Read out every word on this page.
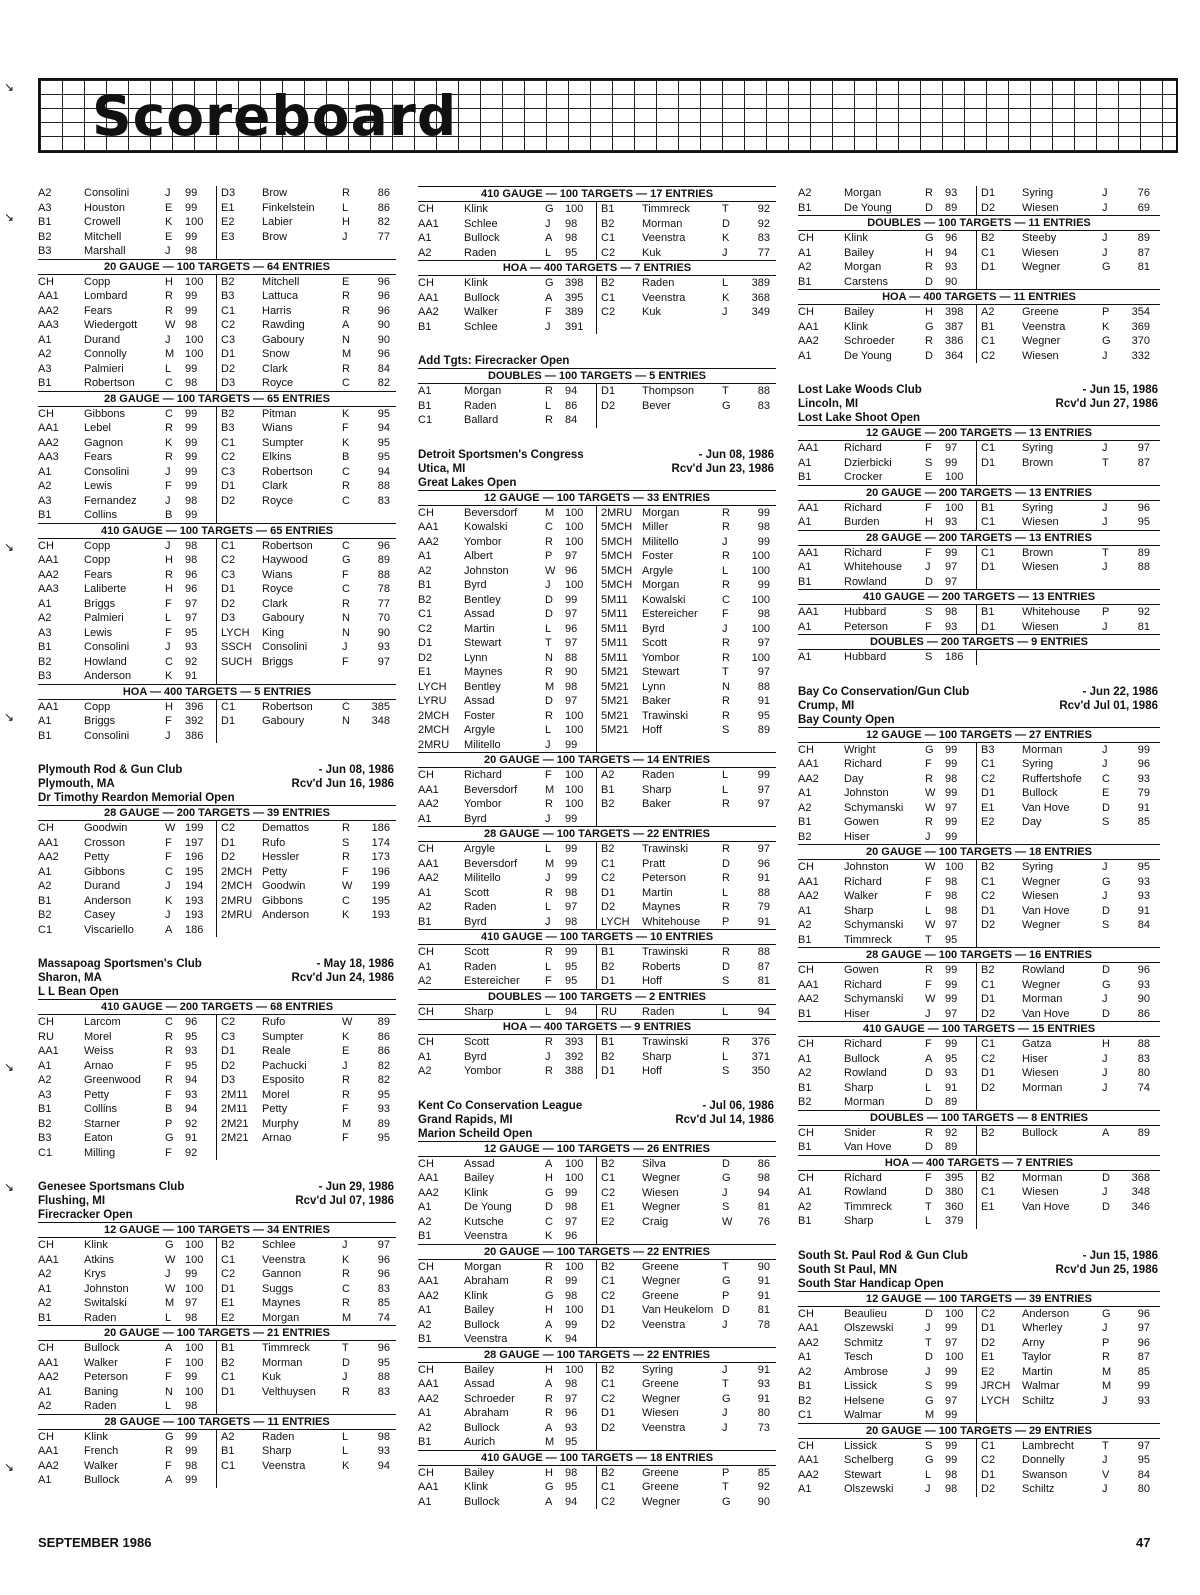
Scoreboard
A2	Consolini	J	99	D3	Brow	R	86
A3	Houston	E	99	E1	Finkelstein	L	86
B1	Crowell	K	100	E2	Labier	H	82
B2	Mitchell	E	99	E3	Brow	J	77
B3	Marshall	J	98
20 GAUGE — 100 TARGETS — 64 ENTRIES
CH	Copp	H	100	B2	Mitchell	E	96
AA1	Lombard	R	99	B3	Lattuca	R	96
AA2	Fears	R	99	C1	Harris	R	96
AA3	Wiedergott	W 98	C2	Rawding	A	90
A1	Durand	J	100	C3	Gaboury	N	90
A2	Connolly	M 100	D1	Snow	M	96
A3	Palmieri	L	99	D2	Clark	R	84
B1	Robertson	C	98	D3	Royce	C	82
28 GAUGE — 100 TARGETS — 65 ENTRIES
CH	Gibbons	C	99	B2	Pitman	K	95
AA1	Lebel	R	99	B3	Wians	F	94
AA2	Gagnon	K	99	C1	Sumpter	K	95
AA3	Fears	R	99	C2	Elkins	B	95
A1	Consolini	J	99	C3	Robertson	C	94
A2	Lewis	F	99	D1	Clark	R	88
A3	Fernandez	J	98	D2	Royce	C	83
B1	Collins	B	99
410 GAUGE — 100 TARGETS — 65 ENTRIES
CH	Copp	J	98	C1	Robertson	C	96
AA1	Copp	H	98	C2	Haywood	G	89
AA2	Fears	R	96	C3	Wians	F	88
AA3	Laliberte	H	96	D1	Royce	C	78
A1	Briggs	F	97	D2	Clark	R	77
A2	Palmieri	L	97	D3	Gaboury	N	70
A3	Lewis	F	95	LYCH	King	N	90
B1	Consolini	J	93	SSCH Consolini	J	93
B2	Howland	C	92	SUCH Briggs	F	97
B3	Anderson	K	91
HOA — 400 TARGETS — 5 ENTRIES
AA1	Copp	H	396	C1	Robertson	C	385
A1	Briggs	F	392	D1	Gaboury	N	348
B1	Consolini	J	386
Plymouth Rod & Gun Club	- Jun 08, 1986
Plymouth, MA	Rcv'd Jun 16, 1986
Dr Timothy Reardon Memorial Open
28 GAUGE — 200 TARGETS — 39 ENTRIES
CH	Goodwin	W 199	C2	Demattos	R	186
AA1	Crosson	F	197	D1	Rufo	S	174
AA2	Petty	F	196	D2	Hessler	R	173
A1	Gibbons	C	195	2MCH Petty	F	196
A2	Durand	J	194	2MCH Goodwin	W	199
B1	Anderson	K	193	2MRU Gibbons	C	195
B2	Casey	J	193	2MRU Anderson	K	193
C1	Viscariello	A	186
Massapoag Sportsmen's Club	- May 18, 1986
Sharon, MA	Rcv'd Jun 24, 1986
L L Bean Open
410 GAUGE — 200 TARGETS — 68 ENTRIES
CH	Larcom	C	96	C2	Rufo	W	89
RU	Morel	R	95	C3	Sumpter	K	86
AA1	Weiss	R	93	D1	Reale	E	86
A1	Arnao	F	95	D2	Pachucki	J	82
A2	Greenwood	R	94	D3	Esposito	R	82
A3	Petty	F	93	2M11	Morel	R	95
B1	Collins	B	94	2M11	Petty	F	93
B2	Starner	P	92	2M21	Murphy	M	89
B3	Eaton	G	91	2M21	Arnao	F	95
C1	Milling	F	92
Genesee Sportsmans Club	- Jun 29, 1986
Flushing, MI	Rcv'd Jul 07, 1986
Firecracker Open
12 GAUGE — 100 TARGETS — 34 ENTRIES
CH	Klink	G	100	B2	Schlee	J	97
AA1	Atkins	W 100	C1	Veenstra	K	96
A2	Krys	J	99	C2	Gannon	R	96
A1	Johnston	W 100	D1	Suggs	C	83
A2	Switalski	M 97	E1	Maynes	R	85
B1	Raden	L	98	E2	Morgan	M	74
20 GAUGE — 100 TARGETS — 21 ENTRIES
CH	Bullock	A	100	B1	Timmreck	T	96
AA1	Walker	F	100	B2	Morman	D	95
AA2	Peterson	F	99	C1	Kuk	J	88
A1	Baning	N	100	D1	Velthuysen	R	83
A2	Raden	L	98
28 GAUGE — 100 TARGETS — 11 ENTRIES
CH	Klink	G	99	A2	Raden	L	98
AA1	French	R	99	B1	Sharp	L	93
AA2	Walker	F	98	C1	Veenstra	K	94
A1	Bullock	A	99
410 GAUGE — 100 TARGETS — 17 ENTRIES
CH	Klink	G	100	B1	Timmreck	T	92
AA1	Schlee	J	98	B2	Morman	D	92
A1	Bullock	A	98	C1	Veenstra	K	83
A2	Raden	L	95	C2	Kuk	J	77
HOA — 400 TARGETS — 7 ENTRIES
CH	Klink	G	398	B2	Raden	L	389
AA1	Bullock	A	395	C1	Veenstra	K	368
AA2	Walker	F	389	C2	Kuk	J	349
B1	Schlee	J	391
Add Tgts: Firecracker Open
DOUBLES — 100 TARGETS — 5 ENTRIES
A1	Morgan	R	94	D1	Thompson	T	88
B1	Raden	L	86	D2	Bever	G	83
C1	Ballard	R	84
Detroit Sportsmen's Congress	- Jun 08, 1986
Utica, MI	Rcv'd Jun 23, 1986
Great Lakes Open
12 GAUGE — 100 TARGETS — 33 ENTRIES
CH	Beversdorf	M 100	2MRU Morgan	R	99
AA1	Kowalski	C	100	5MCH Miller	R	98
AA2	Yombor	R	100	5MCH Militello	J	99
A1	Albert	P	97	5MCH Foster	R	100
A2	Johnston	W 96	5MCH Argyle	L	100
B1	Byrd	J	100	5MCH Morgan	R	99
B2	Bentley	D	99	5M11	Kowalski	C	100
C1	Assad	D	97	5M11	Estereicher	F	98
C2	Martin	L	96	5M11	Byrd	J	100
D1	Stewart	T	97	5M11	Scott	R	97
D2	Lynn	N	88	5M11	Yombor	R	100
E1	Maynes	R	90	5M21	Stewart	T	97
LYCH	Bentley	M 98	5M21	Lynn	N	88
LYRU	Assad	D	97	5M21	Baker	R	91
2MCH	Foster	R	100	5M21	Trawinski	R	95
2MCH	Argyle	L	100	5M21	Hoff	S	89
2MRU	Militello	J	99
20 GAUGE — 100 TARGETS — 14 ENTRIES
CH	Richard	F	100	A2	Raden	L	99
AA1	Beversdorf	M 100	B1	Sharp	L	97
AA2	Yombor	R	100	B2	Baker	R	97
A1	Byrd	J	99
28 GAUGE — 100 TARGETS — 22 ENTRIES
CH	Argyle	L	99	B2	Trawinski	R	97
AA1	Beversdorf	M 99	C1	Pratt	D	96
AA2	Militello	J	99	C2	Peterson	R	91
A1	Scott	R	98	D1	Martin	L	88
A2	Raden	L	97	D2	Maynes	R	79
B1	Byrd	J	98	LYCH	Whitehouse	P	91
410 GAUGE — 100 TARGETS — 10 ENTRIES
CH	Scott	R	99	B1	Trawinski	R	88
A1	Raden	L	95	B2	Roberts	D	87
A2	Estereicher	F	95	D1	Hoff	S	81
DOUBLES — 100 TARGETS — 2 ENTRIES
CH	Sharp	L	94	RU	Raden	L	94
HOA — 400 TARGETS — 9 ENTRIES
CH	Scott	R	393	B1	Trawinski	R	376
A1	Byrd	J	392	B2	Sharp	L	371
A2	Yombor	R	388	D1	Hoff	S	350
Kent Co Conservation League	- Jul 06, 1986
Grand Rapids, MI	Rcv'd Jul 14, 1986
Marion Scheild Open
12 GAUGE — 100 TARGETS — 26 ENTRIES
CH	Assad	A	100	B2	Silva	D	86
AA1	Bailey	H	100	C1	Wegner	G	98
AA2	Klink	G	99	C2	Wiesen	J	94
A1	De Young	D	98	E1	Wegner	S	81
A2	Kutsche	C	97	E2	Craig	W	76
B1	Veenstra	K	96
20 GAUGE — 100 TARGETS — 22 ENTRIES
CH	Morgan	R	100	B2	Greene	T	90
AA1	Abraham	R	99	C1	Wegner	G	91
AA2	Klink	G	98	C2	Greene	P	91
A1	Bailey	H	100	D1	Van Heukelom D	81
A2	Bullock	A	99	D2	Veenstra	J	78
B1	Veenstra	K	94
28 GAUGE — 100 TARGETS — 22 ENTRIES
CH	Bailey	H	100	B2	Syring	J	91
AA1	Assad	A	98	C1	Greene	T	93
AA2	Schroeder	R	97	C2	Wegner	G	91
A1	Abraham	R	96	D1	Wiesen	J	80
A2	Bullock	A	93	D2	Veenstra	J	73
B1	Aurich	M 95
410 GAUGE — 100 TARGETS — 18 ENTRIES
CH	Bailey	H	98	B2	Greene	P	85
AA1	Klink	G	95	C1	Greene	T	92
A1	Bullock	A	94	C2	Wegner	G	90
A2	Morgan	R	93	D1	Syring	J	76
B1	De Young	D	89	D2	Wiesen	J	69
DOUBLES — 100 TARGETS — 11 ENTRIES
CH	Klink	G	96	B2	Steeby	J	89
A1	Bailey	H	94	C1	Wiesen	J	87
A2	Morgan	R	93	D1	Wegner	G	81
B1	Carstens	D	90
HOA — 400 TARGETS — 11 ENTRIES
CH	Bailey	H	398	A2	Greene	P	354
AA1	Klink	G	387	B1	Veenstra	K	369
AA2	Schroeder	R	386	C1	Wegner	G	370
A1	De Young	D	364	C2	Wiesen	J	332
Lost Lake Woods Club	- Jun 15, 1986
Lincoln, MI	Rcv'd Jun 27, 1986
Lost Lake Shoot Open
12 GAUGE — 200 TARGETS — 13 ENTRIES
AA1	Richard	F	97	C1	Syring	J	97
A1	Dzierbicki	S	99	D1	Brown	T	87
B1	Crocker	E	100
20 GAUGE — 200 TARGETS — 13 ENTRIES
AA1	Richard	F	100	B1	Syring	J	96
A1	Burden	H	93	C1	Wiesen	J	95
28 GAUGE — 200 TARGETS — 13 ENTRIES
AA1	Richard	F	99	C1	Brown	T	89
A1	Whitehouse	J	97	D1	Wiesen	J	88
B1	Rowland	D	97
410 GAUGE — 200 TARGETS — 13 ENTRIES
AA1	Hubbard	S	98	B1	Whitehouse	P	92
A1	Peterson	F	93	D1	Wiesen	J	81
DOUBLES — 200 TARGETS — 9 ENTRIES
A1	Hubbard	S	186
Bay Co Conservation/Gun Club	- Jun 22, 1986
Crump, MI	Rcv'd Jul 01, 1986
Bay County Open
12 GAUGE — 100 TARGETS — 27 ENTRIES
CH	Wright	G	99	B3	Morman	J	99
AA1	Richard	F	99	C1	Syring	J	96
AA2	Day	R	98	C2	Ruffertshofe	C	93
A1	Johnston	W 99	D1	Bullock	E	79
A2	Schymanski	W 97	E1	Van Hove	D	91
B1	Gowen	R	99	E2	Day	S	85
B2	Hiser	J	99
20 GAUGE — 100 TARGETS — 18 ENTRIES
CH	Johnston	W 100	B2	Syring	J	95
AA1	Richard	F	98	C1	Wegner	G	93
AA2	Walker	F	98	C2	Wiesen	J	93
A1	Sharp	L	98	D1	Van Hove	D	91
A2	Schymanski	W 97	D2	Wegner	S	84
B1	Timmreck	T	95
28 GAUGE — 100 TARGETS — 16 ENTRIES
CH	Gowen	R	99	B2	Rowland	D	96
AA1	Richard	F	99	C1	Wegner	G	93
AA2	Schymanski	W 99	D1	Morman	J	90
B1	Hiser	J	97	D2	Van Hove	D	86
410 GAUGE — 100 TARGETS — 15 ENTRIES
CH	Richard	F	99	C1	Gatza	H	88
A1	Bullock	A	95	C2	Hiser	J	83
A2	Rowland	D	93	D1	Wiesen	J	80
B1	Sharp	L	91	D2	Morman	J	74
B2	Morman	D	89
DOUBLES — 100 TARGETS — 8 ENTRIES
CH	Snider	R	92	B2	Bullock	A	89
B1	Van Hove	D	89
HOA — 400 TARGETS — 7 ENTRIES
CH	Richard	F	395	B2	Morman	D	368
A1	Rowland	D	380	C1	Wiesen	J	348
A2	Timmreck	T	360	E1	Van Hove	D	346
B1	Sharp	L	379
South St. Paul Rod & Gun Club	- Jun 15, 1986
South St Paul, MN	Rcv'd Jun 25, 1986
South Star Handicap Open
12 GAUGE — 100 TARGETS — 39 ENTRIES
CH	Beaulieu	D	100	C2	Anderson	G	96
AA1	Olszewski	J	99	D1	Wherley	J	97
AA2	Schmitz	T	97	D2	Arny	P	96
A1	Tesch	D	100	E1	Taylor	R	87
A2	Ambrose	J	99	E2	Martin	M	85
B1	Lissick	S	99	JRCH	Walmar	M	99
B2	Helsene	G	97	LYCH	Schiltz	J	93
C1	Walmar	M 99
20 GAUGE — 100 TARGETS — 29 ENTRIES
CH	Lissick	S	99	C1	Lambrecht	T	97
AA1	Schelberg	G	99	C2	Donnelly	J	95
AA2	Stewart	L	98	D1	Swanson	V	84
A1	Olszewski	J	98	D2	Schiltz	J	80
SEPTEMBER 1986	47
↘
↘
↘
↘
↘
↘
↘
